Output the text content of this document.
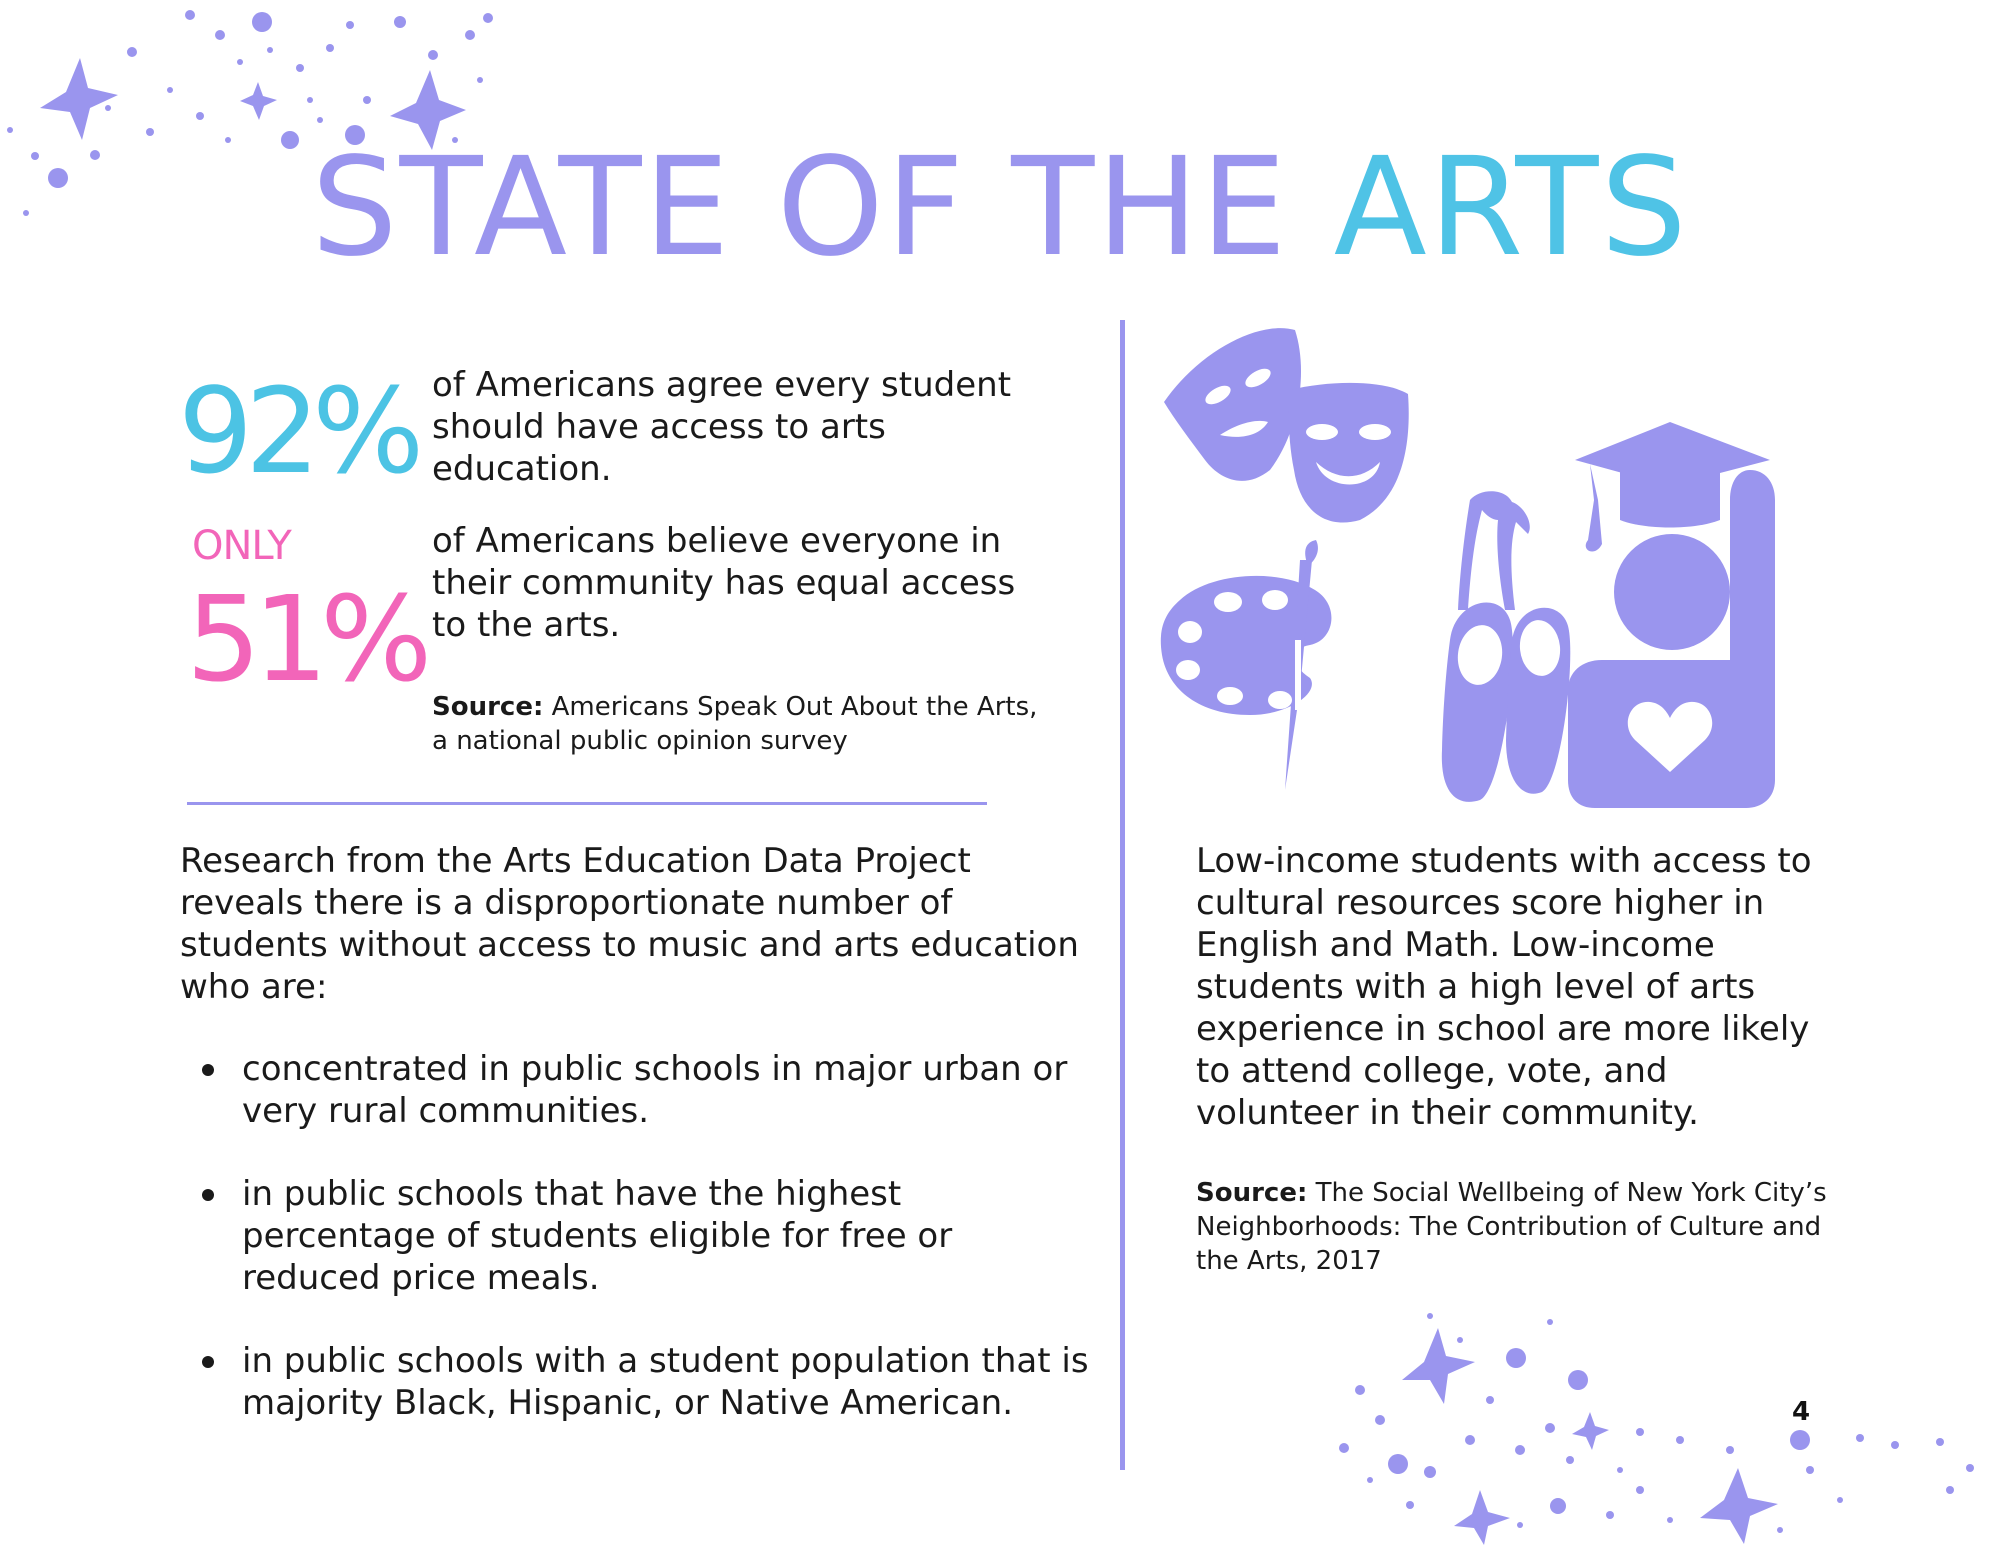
STATE OF THE ARTS
92% of Americans agree every student should have access to arts education.

ONLY
51%

of Americans believe everyone in their community has equal access to the arts.

Source: Americans Speak Out About the Arts, a national public opinion survey

Research from the Arts Education Data Project reveals there is a disproportionate number of students without access to music and arts education who are:

concentrated in public schools in major urban or very rural communities.
in public schools that have the highest percentage of students eligible for free or reduced price meals.
in public schools with a student population that is majority Black, Hispanic, or Native American.

Low-income students with access to cultural resources score higher in English and Math. Low-income students with a high level of arts experience in school are more likely to attend college, vote, and volunteer in their community.

Source: The Social Wellbeing of New York City’s Neighborhoods: The Contribution of Culture and the Arts, 2017

4
